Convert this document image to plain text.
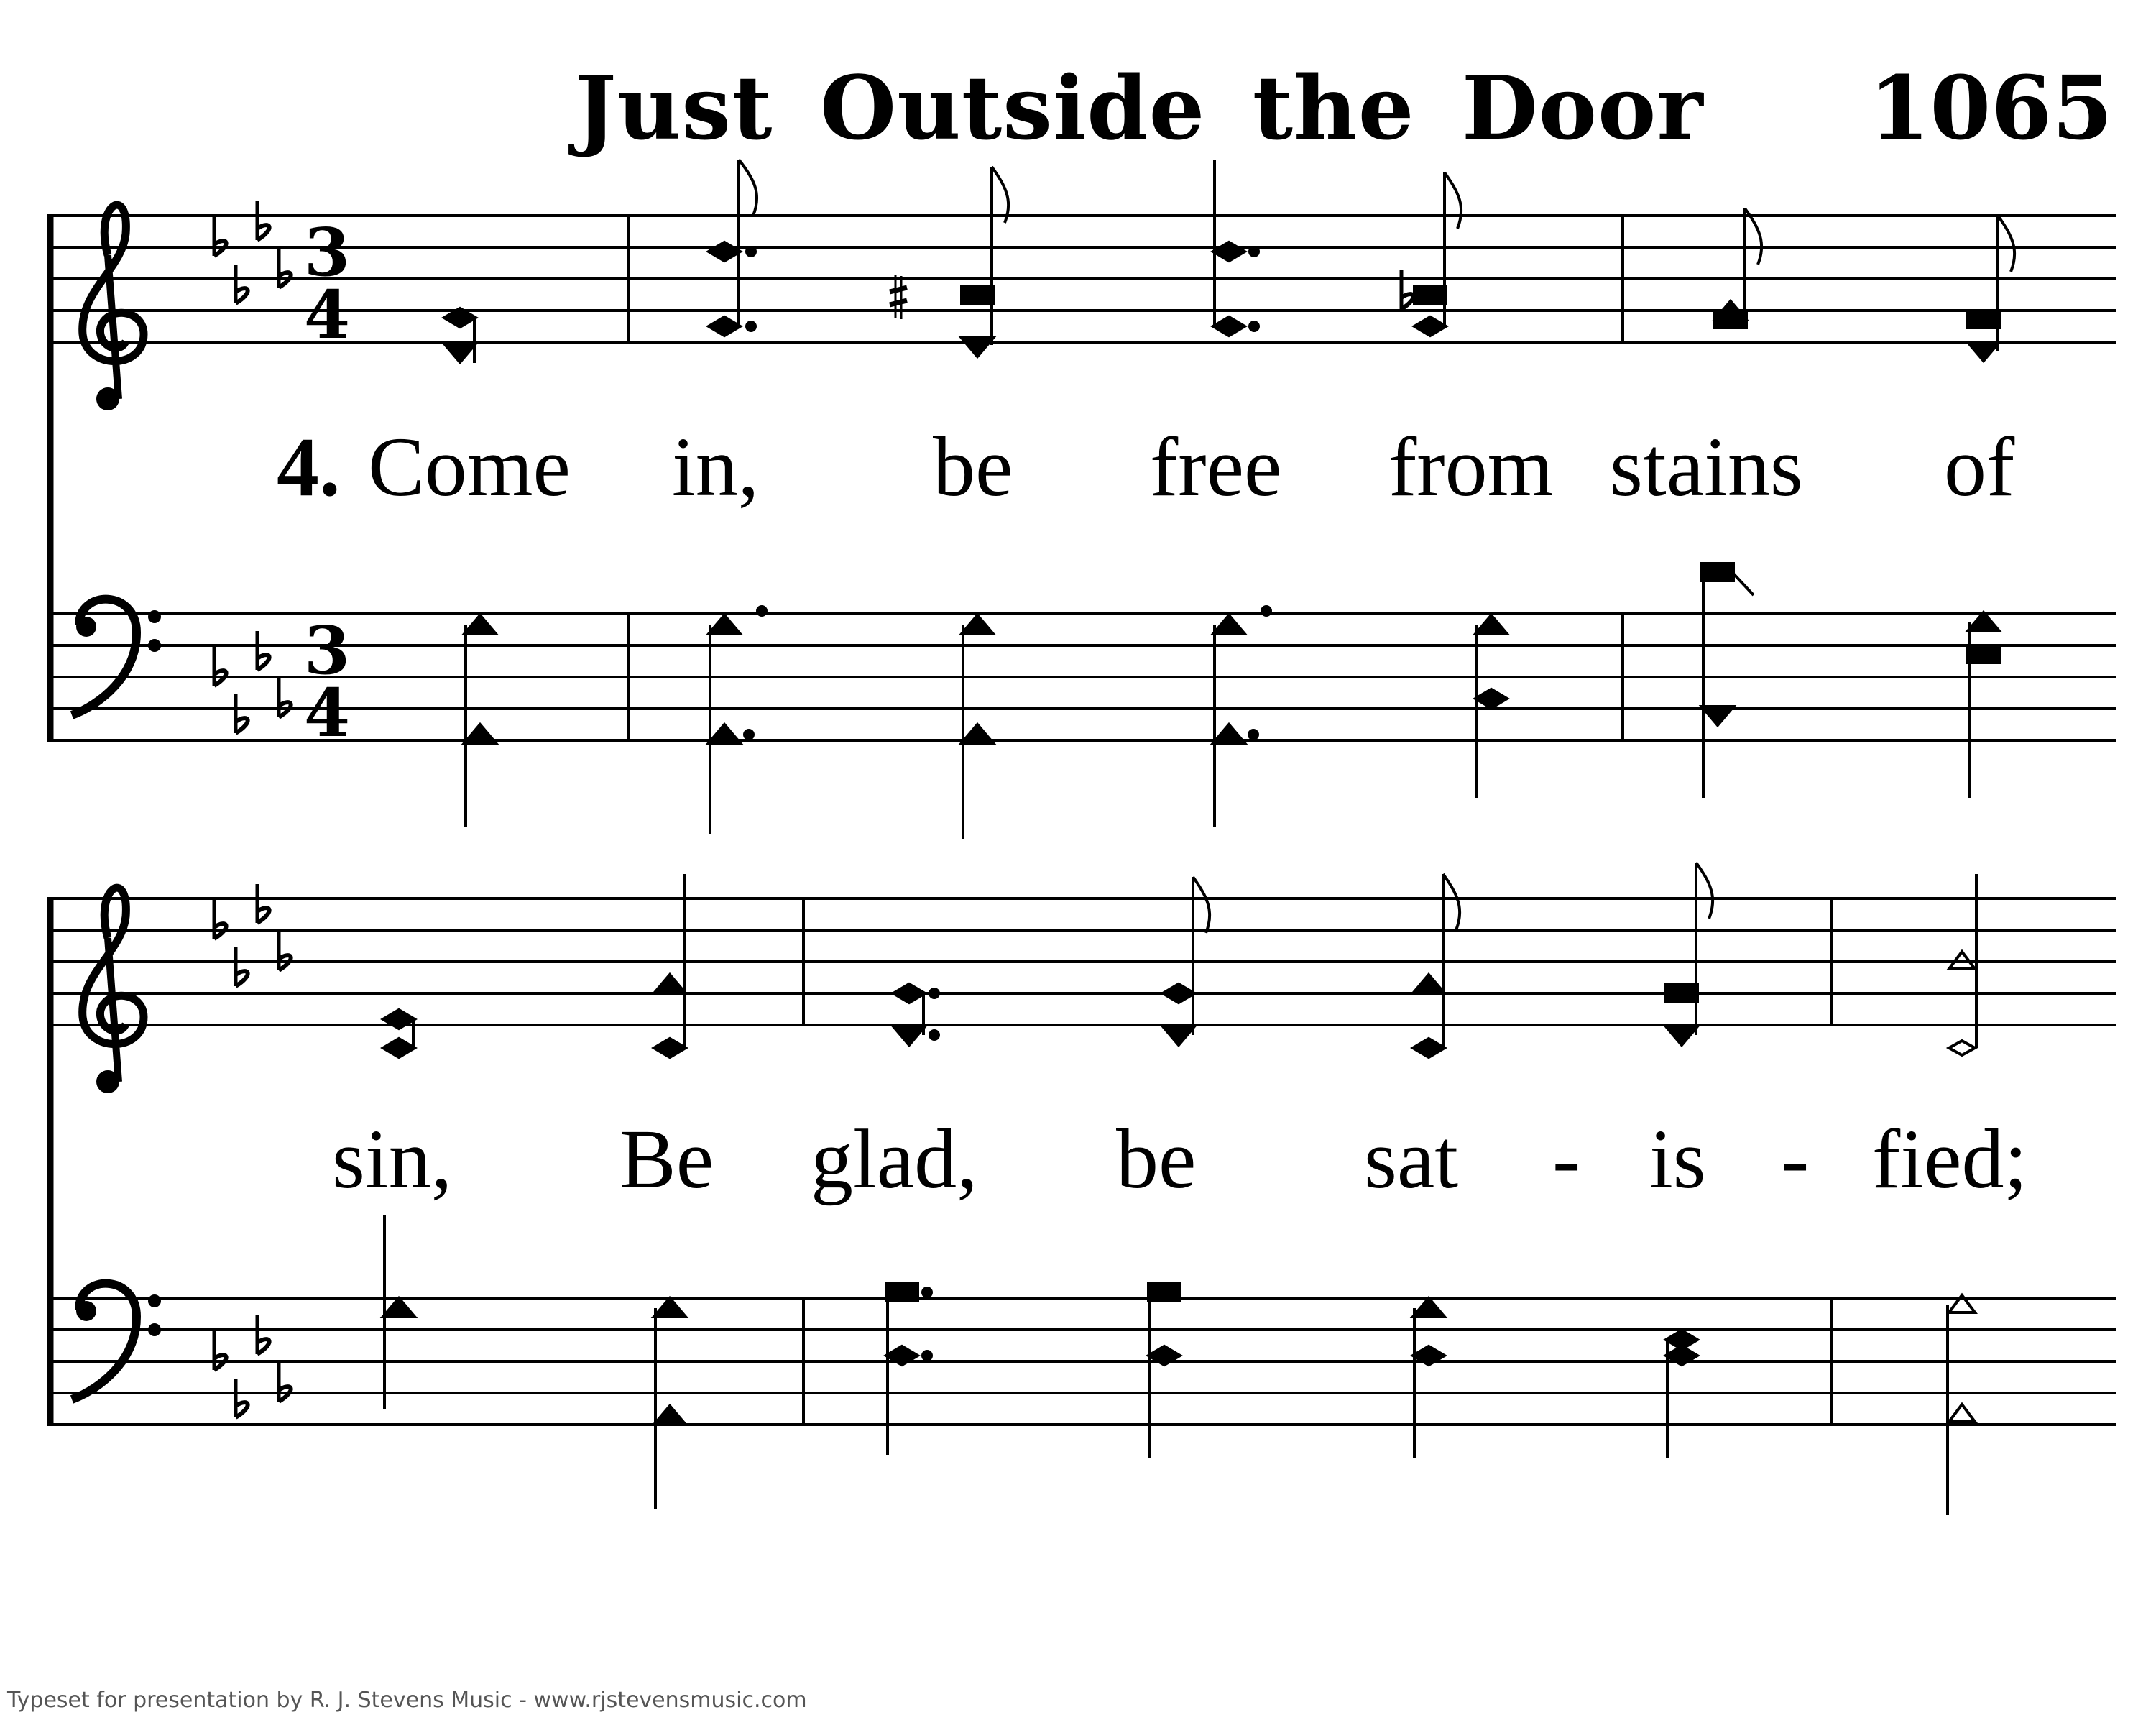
Just Outside the Door 1065
3
4
3
4
4. Come in, be free from stains of
sin, Be glad, be sat - is - fied;
Typeset for presentation by R. J. Stevens Music - www.rjstevensmusic.com
